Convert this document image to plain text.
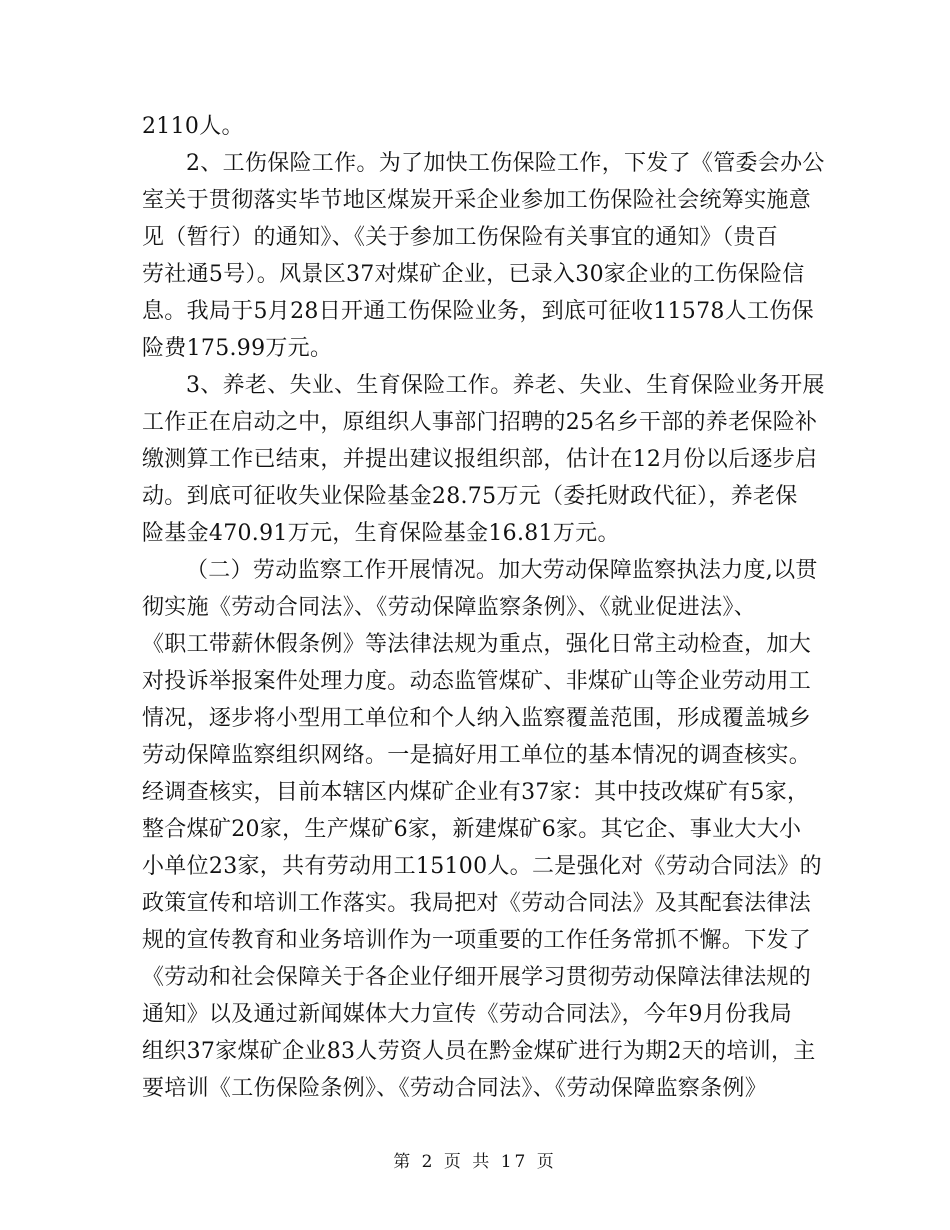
2110人。
2、工伤保险工作。为了加快工伤保险工作，下发了《管委会办公
室关于贯彻落实毕节地区煤炭开采企业参加工伤保险社会统筹实施意
见（暂行）的通知》、《关于参加工伤保险有关事宜的通知》（贵百
劳社通5号）。风景区37对煤矿企业，已录入30家企业的工伤保险信
息。我局于5月28日开通工伤保险业务，到底可征收11578人工伤保
险费175.99万元。
3、养老、失业、生育保险工作。养老、失业、生育保险业务开展
工作正在启动之中，原组织人事部门招聘的25名乡干部的养老保险补
缴测算工作已结束，并提出建议报组织部，估计在12月份以后逐步启
动。到底可征收失业保险基金28.75万元（委托财政代征），养老保
险基金470.91万元，生育保险基金16.81万元。
（二）劳动监察工作开展情况。加大劳动保障监察执法力度,以贯
彻实施《劳动合同法》、《劳动保障监察条例》、《就业促进法》、
《职工带薪休假条例》等法律法规为重点，强化日常主动检查，加大
对投诉举报案件处理力度。动态监管煤矿、非煤矿山等企业劳动用工
情况，逐步将小型用工单位和个人纳入监察覆盖范围，形成覆盖城乡
劳动保障监察组织网络。一是搞好用工单位的基本情况的调查核实。
经调查核实，目前本辖区内煤矿企业有37家：其中技改煤矿有5家，
整合煤矿20家，生产煤矿6家，新建煤矿6家。其它企、事业大大小
小单位23家，共有劳动用工15100人。二是强化对《劳动合同法》的
政策宣传和培训工作落实。我局把对《劳动合同法》及其配套法律法
规的宣传教育和业务培训作为一项重要的工作任务常抓不懈。下发了
《劳动和社会保障关于各企业仔细开展学习贯彻劳动保障法律法规的
通知》以及通过新闻媒体大力宣传《劳动合同法》，今年9月份我局
组织37家煤矿企业83人劳资人员在黔金煤矿进行为期2天的培训，主
要培训《工伤保险条例》、《劳动合同法》、《劳动保障监察条例》
第 2 页 共 17 页
